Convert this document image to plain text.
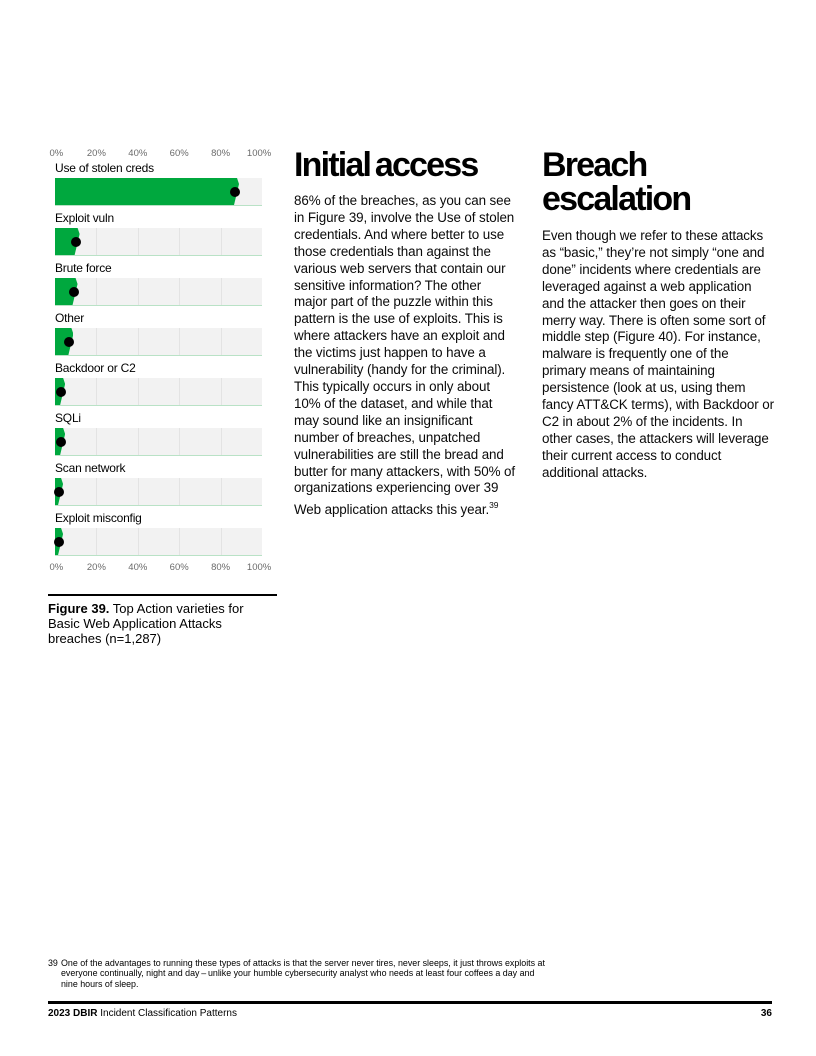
0% 20% 40% 60% 80% 100%
Use of stolen creds
Exploit vuln
Brute force
Other
Backdoor or C2
SQLi
Scan network
Exploit misconfig
0% 20% 40% 60% 80% 100%
Figure 39. Top Action varieties for Basic Web Application Attacks breaches (n=1,287)
Initial access

86% of the breaches, as you can see in Figure 39, involve the Use of stolen credentials. And where better to use those credentials than against the various web servers that contain our sensitive information? The other major part of the puzzle within this pattern is the use of exploits. This is where attackers have an exploit and the victims just happen to have a vulnerability (handy for the criminal). This typically occurs in only about 10% of the dataset, and while that may sound like an insignificant number of breaches, unpatched vulnerabilities are still the bread and butter for many attackers, with 50% of organizations experiencing over 39 Web application attacks this year.$^{39}$

Breach escalation

Even though we refer to these attacks as “basic,” they’re not simply “one and done” incidents where credentials are leveraged against a web application and the attacker then goes on their merry way. There is often some sort of middle step (Figure 40). For instance, malware is frequently one of the primary means of maintaining persistence (look at us, using them fancy ATT&CK terms), with Backdoor or C2 in about 2% of the incidents. In other cases, the attackers will leverage their current access to conduct additional attacks.

39 One of the advantages to running these types of attacks is that the server never tires, never sleeps, it just throws exploits at everyone continually, night and day – unlike your humble cybersecurity analyst who needs at least four coffees a day and nine hours of sleep.
2023 DBIR Incident Classification Patterns	36
